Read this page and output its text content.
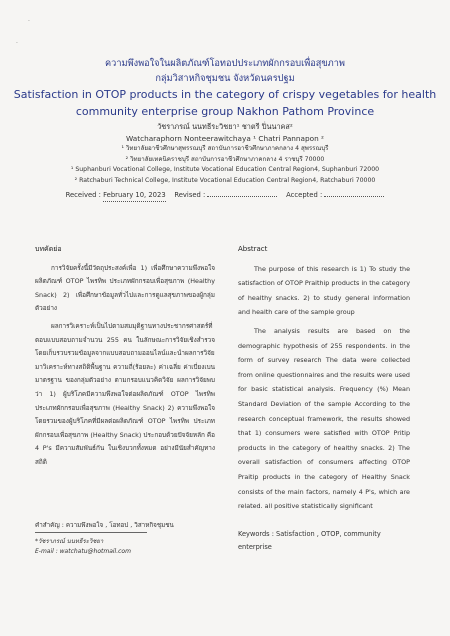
·
·

ความพึงพอใจในผลิตภัณฑ์โอทอปประเภทผักกรอบเพื่อสุขภาพ

กลุ่มวิสาหกิจชุมชน จังหวัดนครปฐม

Satisfaction in OTOP products in the category of crispy vegetables for health

community enterprise group Nakhon Pathom Province

วัชราภรณ์ นนทธีระวิชยา¹ ชาตรี ปิ่นนาคส²
Watcharaphorn Nonteerawitchaya ¹ Chatri Pannapon ²
¹ วิทยาลัยอาชีวศึกษาสุพรรณบุรี สถาบันการอาชีวศึกษาภาคกลาง 4 สุพรรณบุรี
² วิทยาลัยเทคนิคราชบุรี สถาบันการอาชีวศึกษาภาคกลาง 4 ราชบุรี 70000
¹ Suphanburi Vocational College, Institute Vocational Education Central Region4, Suphanburi 72000
² Ratchaburi Technical College, Institute Vocational Education Central Region4, Ratchaburi 70000
Received : February 10, 2023 Revised :	Accepted :
บทคัดย่อ

การวิจัยครั้งนี้มีวัตถุประสงค์เพื่อ 1) เพื่อศึกษาความพึงพอใจผลิตภัณฑ์ OTOP ไพรทิพ ประเภทผักกรอบเพื่อสุขภาพ (Healthy Snack) 2) เพื่อศึกษาข้อมูลทั่วไปและการดูแลสุขภาพของผู้กลุ่มตัวอย่าง

ผลการวิเคราะห์เป็นไปตามสมมุติฐานทางประชากรศาสตร์ที่ตอบแบบสอบถามจำนวน 255 คน ในลักษณะการวิจัยเชิงสำรวจ โดยเก็บรวบรวมข้อมูลจากแบบสอบถามออนไลน์และนำผลการวิจัยมาวิเคราะห์ทางสถิติพื้นฐาน ความถี่(ร้อยละ) ค่าเฉลี่ย ค่าเบี่ยงเบนมาตรฐาน ของกลุ่มตัวอย่าง ตามกรอบแนวคิดวิจัย ผลการวิจัยพบว่า 1) ผู้บริโภคมีความพึงพอใจต่อผลิตภัณฑ์ OTOP ไพรทิพ ประเภทผักกรอบเพื่อสุขภาพ (Healthy Snack) 2) ความพึงพอใจโดยรวมของผู้บริโภคที่มีผลต่อผลิตภัณฑ์ OTOP ไพรทิพ ประเภทผักกรอบเพื่อสุขภาพ (Healthy Snack) ประกอบด้วยปัจจัยหลัก คือ 4 P's มีความสัมพันธ์กัน ในเชิงบวกทั้งหมด อย่างมีนัยสำคัญทางสถิติ

Abstract

The purpose of this research is 1) To study the satisfaction of OTOP Praithip products in the category of healthy snacks. 2) to study general information and health care of the sample group

The analysis results are based on the demographic hypothesis of 255 respondents. in the form of survey research The data were collected from online questionnaires and the results were used for basic statistical analysis. Frequency (%) Mean Standard Deviation of the sample According to the research conceptual framework, the results showed that 1) consumers were satisfied with OTOP Pritip products in the category of healthy snacks. 2) The overall satisfaction of consumers affecting OTOP Praitip products in the category of Healthy Snack consists of the main factors, namely 4 P's, which are related. all positive statistically significant

คำสำคัญ : ความพึงพอใจ , โอทอป , วิสาหกิจชุมชน
*วัชราภรณ์ นนทธีระวิชยา
E-mail : watchatu@hotmail.com
Keywords : Satisfaction , OTOP, community enterprise
